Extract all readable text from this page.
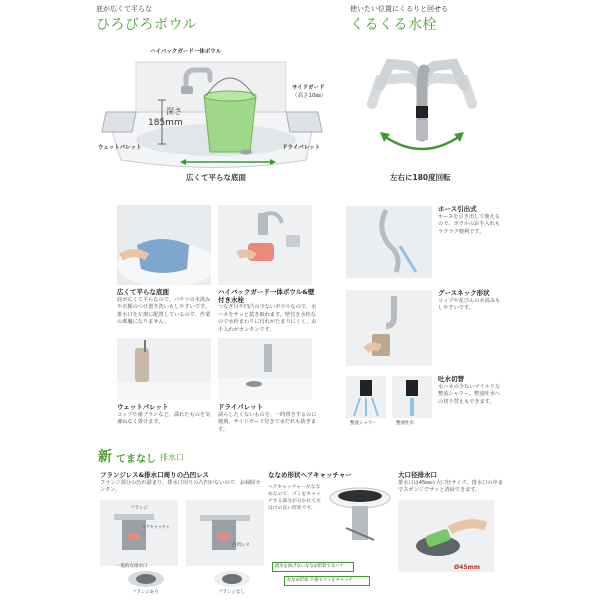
底が広くて平らな
ひろびろボウル
ハイバックガード一体ボウル
サイドガード
（高さ10㎜）
深さ
185mm
ウェットパレット	ドライパレット
広くて平らな底面
使いたい位置にくるりと回せる
くるくる水栓
左右に180度回転
広くて平らな底面
底が広くて平らなので、バケツの水汲みや衣類のつけ置き洗いもしやすいです。排水口を左奥に配置しているので、作業の邪魔になりません。
ハイバックガード一体ボウル&壁付き水栓
つなぎ目や凹凸の少ないボウルなので、水ハネをサッと拭き取れます。壁付き水栓なので水栓まわりに汚れがたまりにくく、お手入れがカンタンです。
ウェットパレット
コップや歯ブラシなど、濡れたものを気兼ねなく置けます。
ドライパレット
濡らしたくないものを、一時置きするのに便利。サイドガード付きで水だれも防ぎます。
ホース引出式
ホースを引き出して使えるので、ボウルのお手入れもラクラク便利です。
グースネック形状
コップや花びんの水汲みもしやすいです。
整流シャワー	整流吐水
吐水切替
水ハネの少ないマイルドな整流シャワー。整流吐水への切り替えもできます。
新 てまなし 排水口
フランジレス&排水口周りの凸凹レス
フランジ部分の汚れ溜まり、排水口周りの凸凹がないので、お掃除カンタン。
フランジ
ヘアキャッチャー
凸凹レス
一般的な排水口
フランジあり	フランジなし
ななめ形状ヘアキャッチャー
ヘアキャッチャーがななめなので、ゴミをキャッチする部分が分かれて水はけの良い形状です。
流水を妨げないななめ形状で水ハケ
ななめ形状 下部でゴミをキャッチ
大口径排水口
排水口は45㎜の大口径サイズ。排水口の中までスポンジでサッと清掃できます。
Ø45mm
